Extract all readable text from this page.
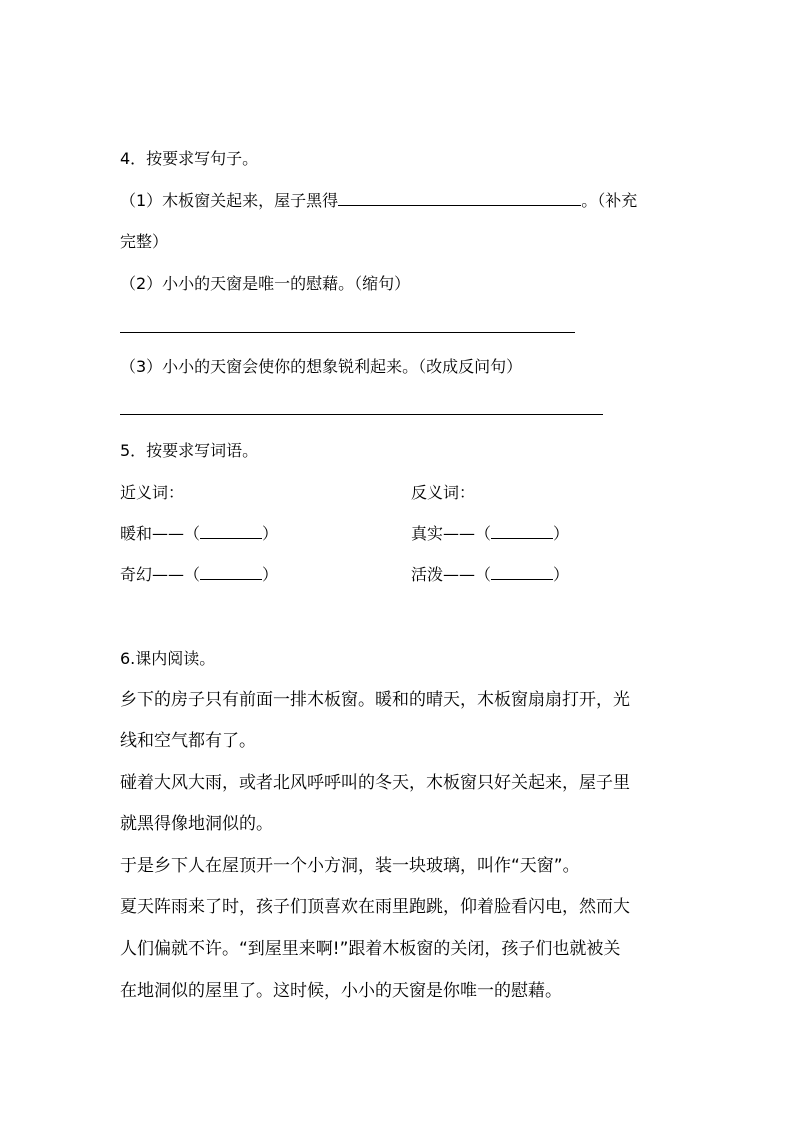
4．按要求写句子。
（1）木板窗关起来，屋子黑得	。（补充
完整）
（2）小小的天窗是唯一的慰藉。（缩句）
（3）小小的天窗会使你的想象锐利起来。（改成反问句）
5．按要求写词语。
近义词：	反义词：
暖和——（	）	真实——（	）
奇幻——（	）	活泼——（	）
6.课内阅读。
乡下的房子只有前面一排木板窗。暖和的晴天，木板窗扇扇打开，光
线和空气都有了。
碰着大风大雨，或者北风呼呼叫的冬天，木板窗只好关起来，屋子里
就黑得像地洞似的。
于是乡下人在屋顶开一个小方洞，装一块玻璃，叫作“天窗”。
夏天阵雨来了时，孩子们顶喜欢在雨里跑跳，仰着脸看闪电，然而大
人们偏就不许。“到屋里来啊!”跟着木板窗的关闭，孩子们也就被关
在地洞似的屋里了。这时候，小小的天窗是你唯一的慰藉。
